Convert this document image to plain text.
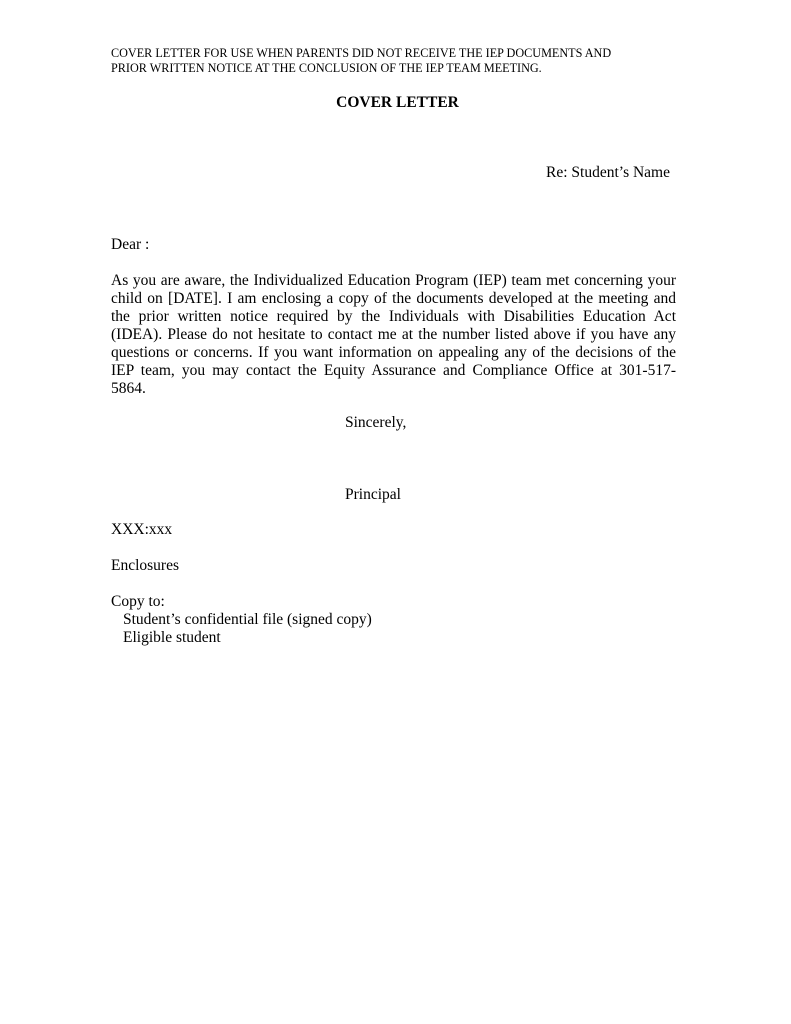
COVER LETTER FOR USE WHEN PARENTS DID NOT RECEIVE THE IEP DOCUMENTS AND
PRIOR WRITTEN NOTICE AT THE CONCLUSION OF THE IEP TEAM MEETING.
COVER LETTER
Re: Student’s Name
Dear :
As you are aware, the Individualized Education Program (IEP) team met concerning your
child on [DATE]. I am enclosing a copy of the documents developed at the meeting and
the prior written notice required by the Individuals with Disabilities Education Act
(IDEA). Please do not hesitate to contact me at the number listed above if you have any
questions or concerns. If you want information on appealing any of the decisions of the
IEP team, you may contact the Equity Assurance and Compliance Office at 301-517-
5864.
Sincerely,
Principal
XXX:xxx
Enclosures
Copy to:
Student’s confidential file (signed copy)
Eligible student
